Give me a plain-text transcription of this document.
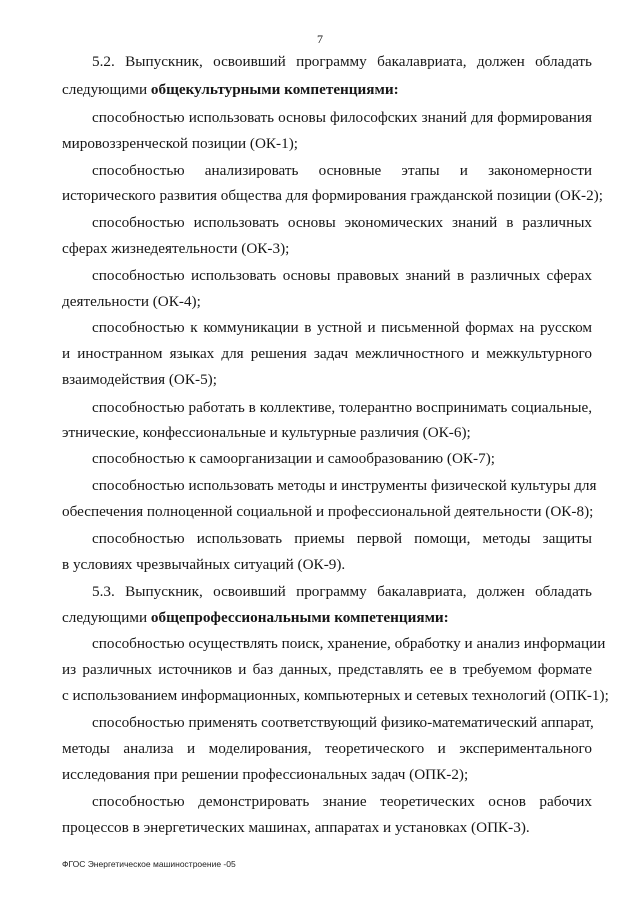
7
5.2. Выпускник, освоивший программу бакалавриата, должен обладать
следующими общекультурными компетенциями:
способностью использовать основы философских знаний для формирования
мировоззренческой позиции (ОК-1);
способностью анализировать основные этапы и закономерности
исторического развития общества для формирования гражданской позиции (ОК-2);
способностью использовать основы экономических знаний в различных
сферах жизнедеятельности (ОК-3);
способностью использовать основы правовых знаний в различных сферах
деятельности (ОК-4);
способностью к коммуникации в устной и письменной формах на русском
и иностранном языках для решения задач межличностного и межкультурного
взаимодействия (ОК-5);
способностью работать в коллективе, толерантно воспринимать социальные,
этнические, конфессиональные и культурные различия (ОК-6);
способностью к самоорганизации и самообразованию (ОК-7);
способностью использовать методы и инструменты физической культуры для
обеспечения полноценной социальной и профессиональной деятельности (ОК-8);
способностью использовать приемы первой помощи, методы защиты
в условиях чрезвычайных ситуаций (ОК-9).
5.3. Выпускник, освоивший программу бакалавриата, должен обладать
следующими общепрофессиональными компетенциями:
способностью осуществлять поиск, хранение, обработку и анализ информации
из различных источников и баз данных, представлять ее в требуемом формате
с использованием информационных, компьютерных и сетевых технологий (ОПК-1);
способностью применять соответствующий физико-математический аппарат,
методы анализа и моделирования, теоретического и экспериментального
исследования при решении профессиональных задач (ОПК-2);
способностью демонстрировать знание теоретических основ рабочих
процессов в энергетических машинах, аппаратах и установках (ОПК-3).
ФГОС Энергетическое машиностроение -05
